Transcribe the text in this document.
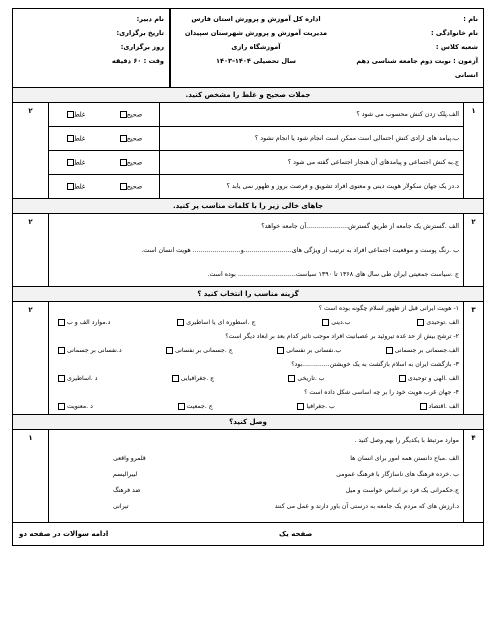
نام :
نام خانوادگی :
شعبه کلاس :
آزمون : نوبت دوم جامعه شناسی دهم انسانی
اداره کل آموزش و پرورش استان فارس
مدیریت آموزش و پرورش شهرستان سپیدان
آموزشگاه رازی
سال تحصیلی ۱۴۰۴-۱۴۰۳
نام دبیر:
تاریخ برگزاری:
روز برگزاری:
وقت : ۶۰ دقیقه
جملات صحیح و غلط را مشخص کنید.
۱
الف.پلک زدن کنش محسوب می شود ؟
صحیح
غلط
ب.پیامد های ارادی کنش احتمالی است ممکن است انجام شود یا انجام نشود ؟
صحیح
غلط
ج.به کنش اجتماعی و پیامدهای آن هنجار اجتماعی گفته می شود ؟
صحیح
غلط
د.در یک جهان سکولار هویت دینی و معنوی افراد تشویق و فرصت بروز و ظهور نمی یابد ؟
صحیح
غلط
۲
جاهای خالی زیر را با کلمات مناسب پر کنید.
۲
الف .گسترش یک جامعه از طریق گسترش.....................آن جامعه خواهد؟
ب .رنگ پوست و موقعیت اجتماعی افراد به ترتیب از ویژگی های........................و........................ هویت انسان است.
ج .سیاست جمعیتی ایران طی سال های ۱۳۶۸ تا ۱۳۹۰ سیاست............................. بوده است.
۲
گزینه مناسب را انتخاب کنید ؟
۳
۱- هویت ایرانی قبل از ظهور اسلام چگونه بوده است ؟
الف .توحیدی
ب.دینی
ج .اسطوره ای یا اساطیری
د.موارد الف و ب
۲- ترشح بیش از حد غده تیروئید بر عصبانیت افراد موجب تاثیر کدام بعد بر ابعاد دیگر است؟
الف.جسمانی بر جسمانی
ب.نفسانی بر نفسانی
ج .جسمانی بر نفسانی
د.نفسانی بر جسمانی
۳- بازگشت ایران به اسلام بازگشت به یک خویشتن..............بود؟
الف .الهی و توحیدی
ب .تاریخی
ج .جغرافیایی
د .اساطیری
۴- جهان غرب هویت خود را بر چه اساسی شکل داده است ؟
الف .اقتصاد
ب .جغرافیا
ج .جمعیت
د .معنویت
۲
وصل کنید؟
۴
موارد مرتبط با یکدیگر را بهم وصل کنید .
الف .مباح دانستن همه امور برای انسان ها
قلمرو واقعی
ب .خرده فرهنگ های ناسازگار با فرهنگ عمومی
لیبرالیسم
ج.حکمرانی یک فرد بر اساس خواست و میل
ضد فرهنگ
د.ارزش های که مردم یک جامعه به درستی آن باور دارند و عمل می کنند
تیرانی
۱
صفحه یک
ادامه سوالات در صفحه دو
